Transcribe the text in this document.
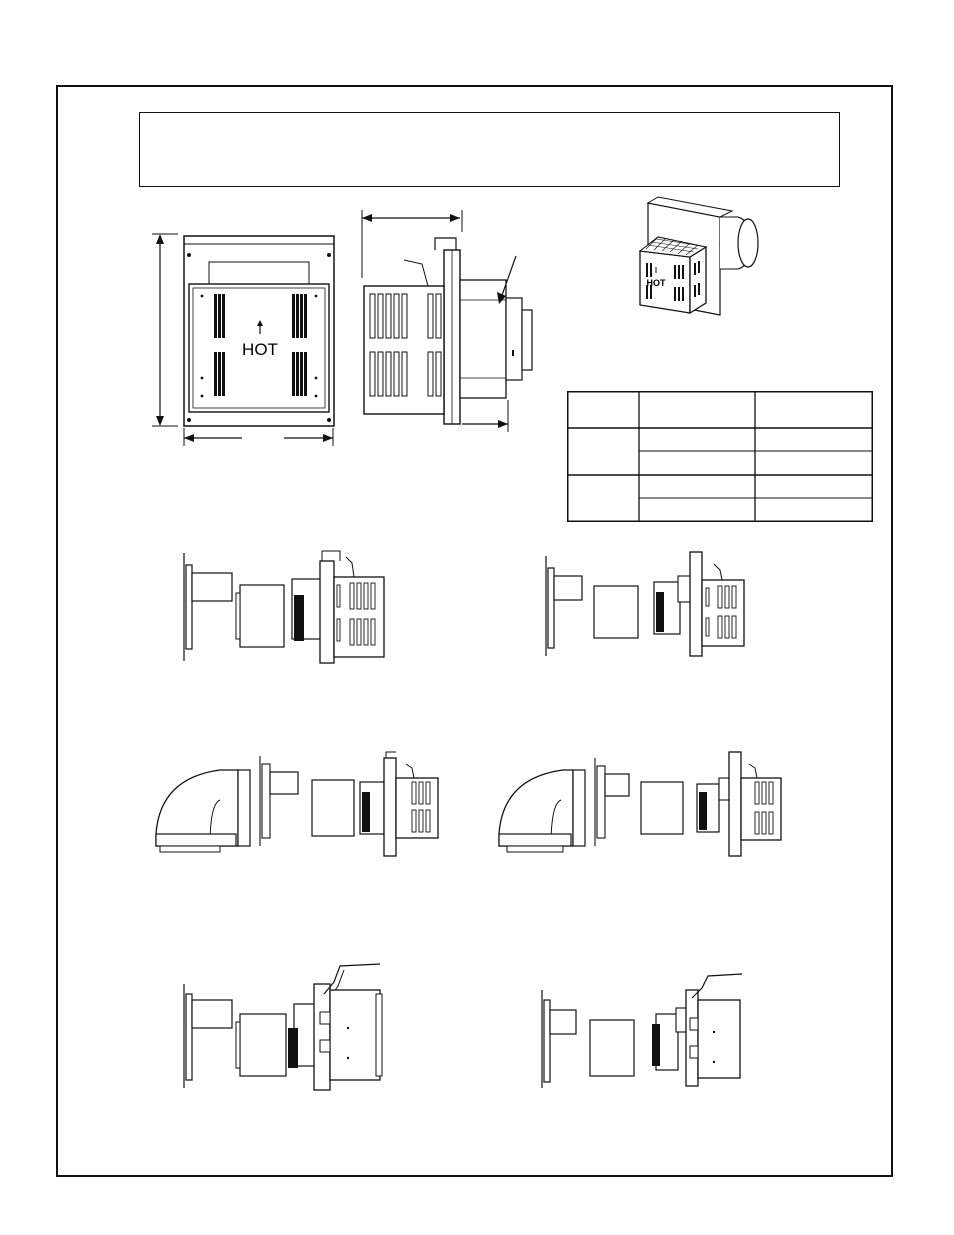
HOT
HOT
